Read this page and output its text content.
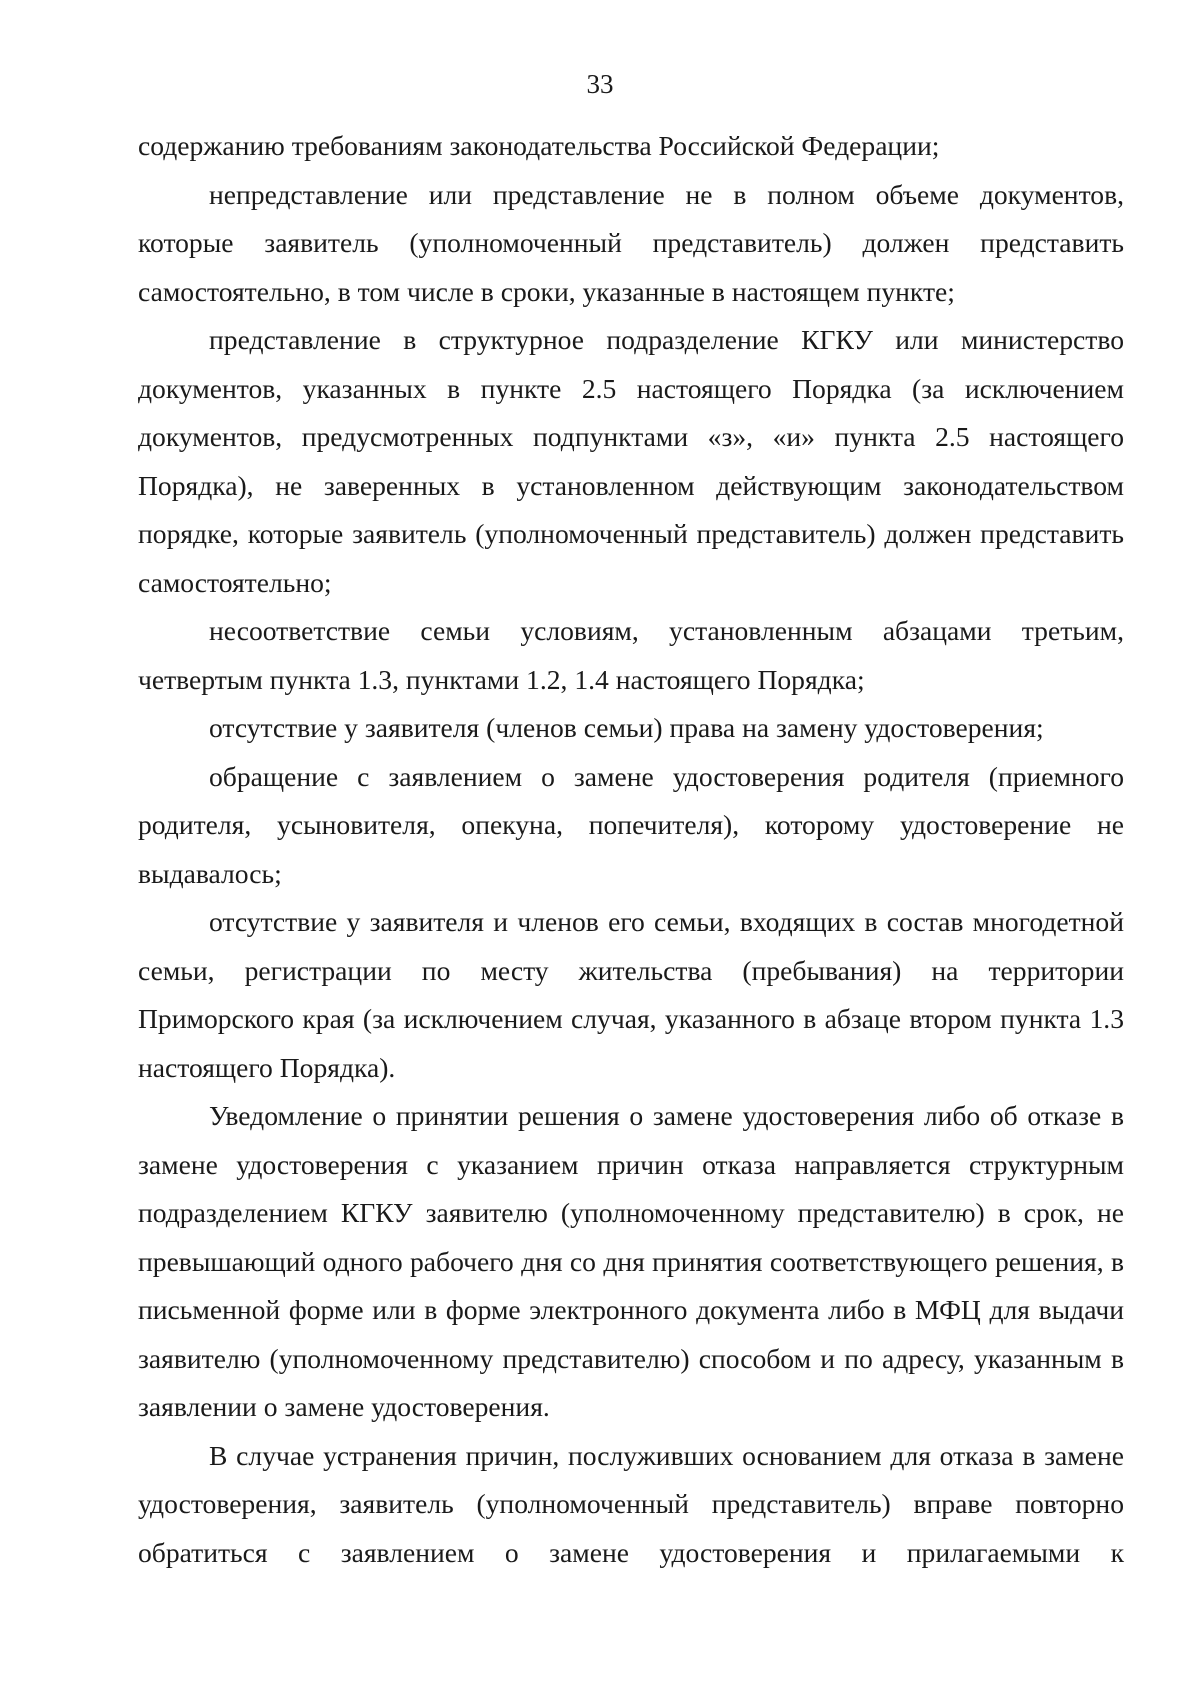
33

содержанию требованиям законодательства Российской Федерации;

непредставление или представление не в полном объеме документов, которые заявитель (уполномоченный представитель) должен представить самостоятельно, в том числе в сроки, указанные в настоящем пункте;

представление в структурное подразделение КГКУ или министерство документов, указанных в пункте 2.5 настоящего Порядка (за исключением документов, предусмотренных подпунктами «з», «и» пункта 2.5 настоящего Порядка), не заверенных в установленном действующим законодательством порядке, которые заявитель (уполномоченный представитель) должен представить самостоятельно;

несоответствие семьи условиям, установленным абзацами третьим, четвертым пункта 1.3, пунктами 1.2, 1.4 настоящего Порядка;

отсутствие у заявителя (членов семьи) права на замену удостоверения;

обращение с заявлением о замене удостоверения родителя (приемного родителя, усыновителя, опекуна, попечителя), которому удостоверение не выдавалось;

отсутствие у заявителя и членов его семьи, входящих в состав многодетной семьи, регистрации по месту жительства (пребывания) на территории Приморского края (за исключением случая, указанного в абзаце втором пункта 1.3 настоящего Порядка).

Уведомление о принятии решения о замене удостоверения либо об отказе в замене удостоверения с указанием причин отказа направляется структурным подразделением КГКУ заявителю (уполномоченному представителю) в срок, не превышающий одного рабочего дня со дня принятия соответствующего решения, в письменной форме или в форме электронного документа либо в МФЦ для выдачи заявителю (уполномоченному представителю) способом и по адресу, указанным в заявлении о замене удостоверения.

В случае устранения причин, послуживших основанием для отказа в замене удостоверения, заявитель (уполномоченный представитель) вправе повторно обратиться с заявлением о замене удостоверения и прилагаемыми к
